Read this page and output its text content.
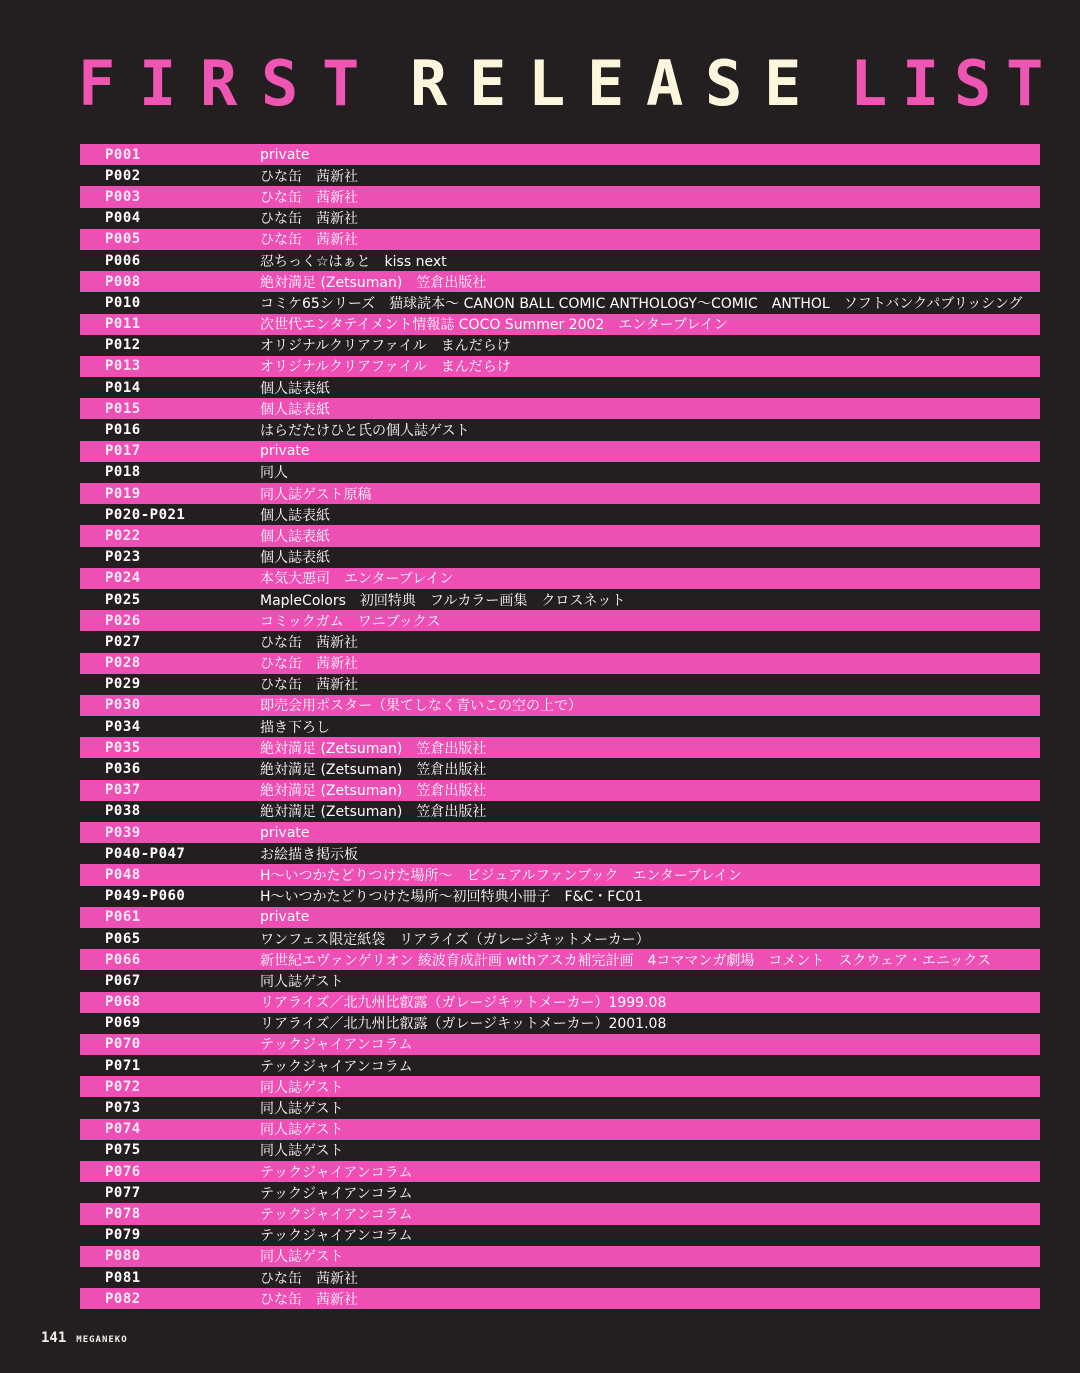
F I R S T R E L E A S E L I S T
P001	private
P002	ひな缶　茜新社
P003	ひな缶　茜新社
P004	ひな缶　茜新社
P005	ひな缶　茜新社
P006	忍ちっく☆はぁと　kiss next
P008	絶対満足 (Zetsuman)　笠倉出版社
P010	コミケ65シリーズ　猫球読本〜 CANON BALL COMIC ANTHOLOGY〜COMIC　ANTHOL　ソフトバンクパブリッシング
P011	次世代エンタテイメント情報誌 COCO Summer 2002　エンターブレイン
P012	オリジナルクリアファイル　まんだらけ
P013	オリジナルクリアファイル　まんだらけ
P014	個人誌表紙
P015	個人誌表紙
P016	はらだたけひと氏の個人誌ゲスト
P017	private
P018	同人
P019	同人誌ゲスト原稿
P020-P021	個人誌表紙
P022	個人誌表紙
P023	個人誌表紙
P024	本気大悪司　エンターブレイン
P025	MapleColors　初回特典　フルカラー画集　クロスネット
P026	コミックガム　ワニブックス
P027	ひな缶　茜新社
P028	ひな缶　茜新社
P029	ひな缶　茜新社
P030	即売会用ポスター（果てしなく青いこの空の上で）
P034	描き下ろし
P035	絶対満足 (Zetsuman)　笠倉出版社
P036	絶対満足 (Zetsuman)　笠倉出版社
P037	絶対満足 (Zetsuman)　笠倉出版社
P038	絶対満足 (Zetsuman)　笠倉出版社
P039	private
P040-P047	お絵描き掲示板
P048	H〜いつかたどりつけた場所〜　ビジュアルファンブック　エンターブレイン
P049-P060	H〜いつかたどりつけた場所〜初回特典小冊子　F&C・FC01
P061	private
P065	ワンフェス限定紙袋　リアライズ（ガレージキットメーカー）
P066	新世紀エヴァンゲリオン 綾波育成計画 withアスカ補完計画　4コママンガ劇場　コメント　スクウェア・エニックス
P067	同人誌ゲスト
P068	リアライズ／北九州比叡露（ガレージキットメーカー）1999.08
P069	リアライズ／北九州比叡露（ガレージキットメーカー）2001.08
P070	テックジャイアンコラム
P071	テックジャイアンコラム
P072	同人誌ゲスト
P073	同人誌ゲスト
P074	同人誌ゲスト
P075	同人誌ゲスト
P076	テックジャイアンコラム
P077	テックジャイアンコラム
P078	テックジャイアンコラム
P079	テックジャイアンコラム
P080	同人誌ゲスト
P081	ひな缶　茜新社
P082	ひな缶　茜新社
141 MEGANEKO
